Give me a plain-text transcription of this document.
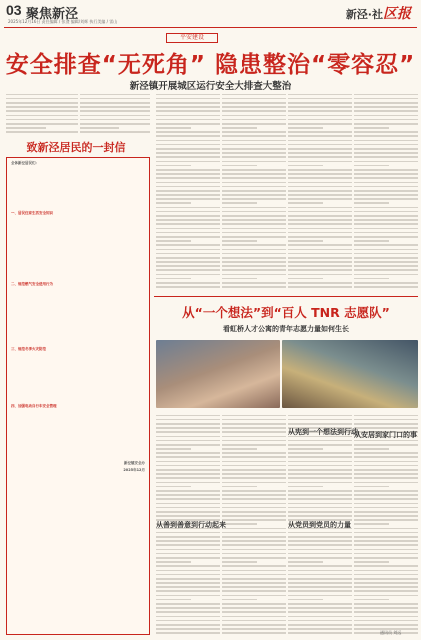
03 聚焦新泾
2025年12月16日 责任编辑 / 张澄 编辑/刘辉 执行美编 / 雷山
新泾·社区报
平安建设
安全排查“无死角” 隐患整治“零容忍”
新泾镇开展城区运行安全大排查大整治
致新泾居民的一封信
全体新泾居民们：
一、居民住家生活安全知识
二、规范燃气安全使用行为
三、规范冬季火灾防范
四、加强电动自行车安全管理
新泾镇安全办
2025年12月
从“一个想法”到“百人 TNR 志愿队”
看虹桥人才公寓的青年志愿力量如何生长
从善到善意到行动起来
从宪到一个想法到行动
从党员到党员的力量
从安居到家门口的事
通讯员 刘远
